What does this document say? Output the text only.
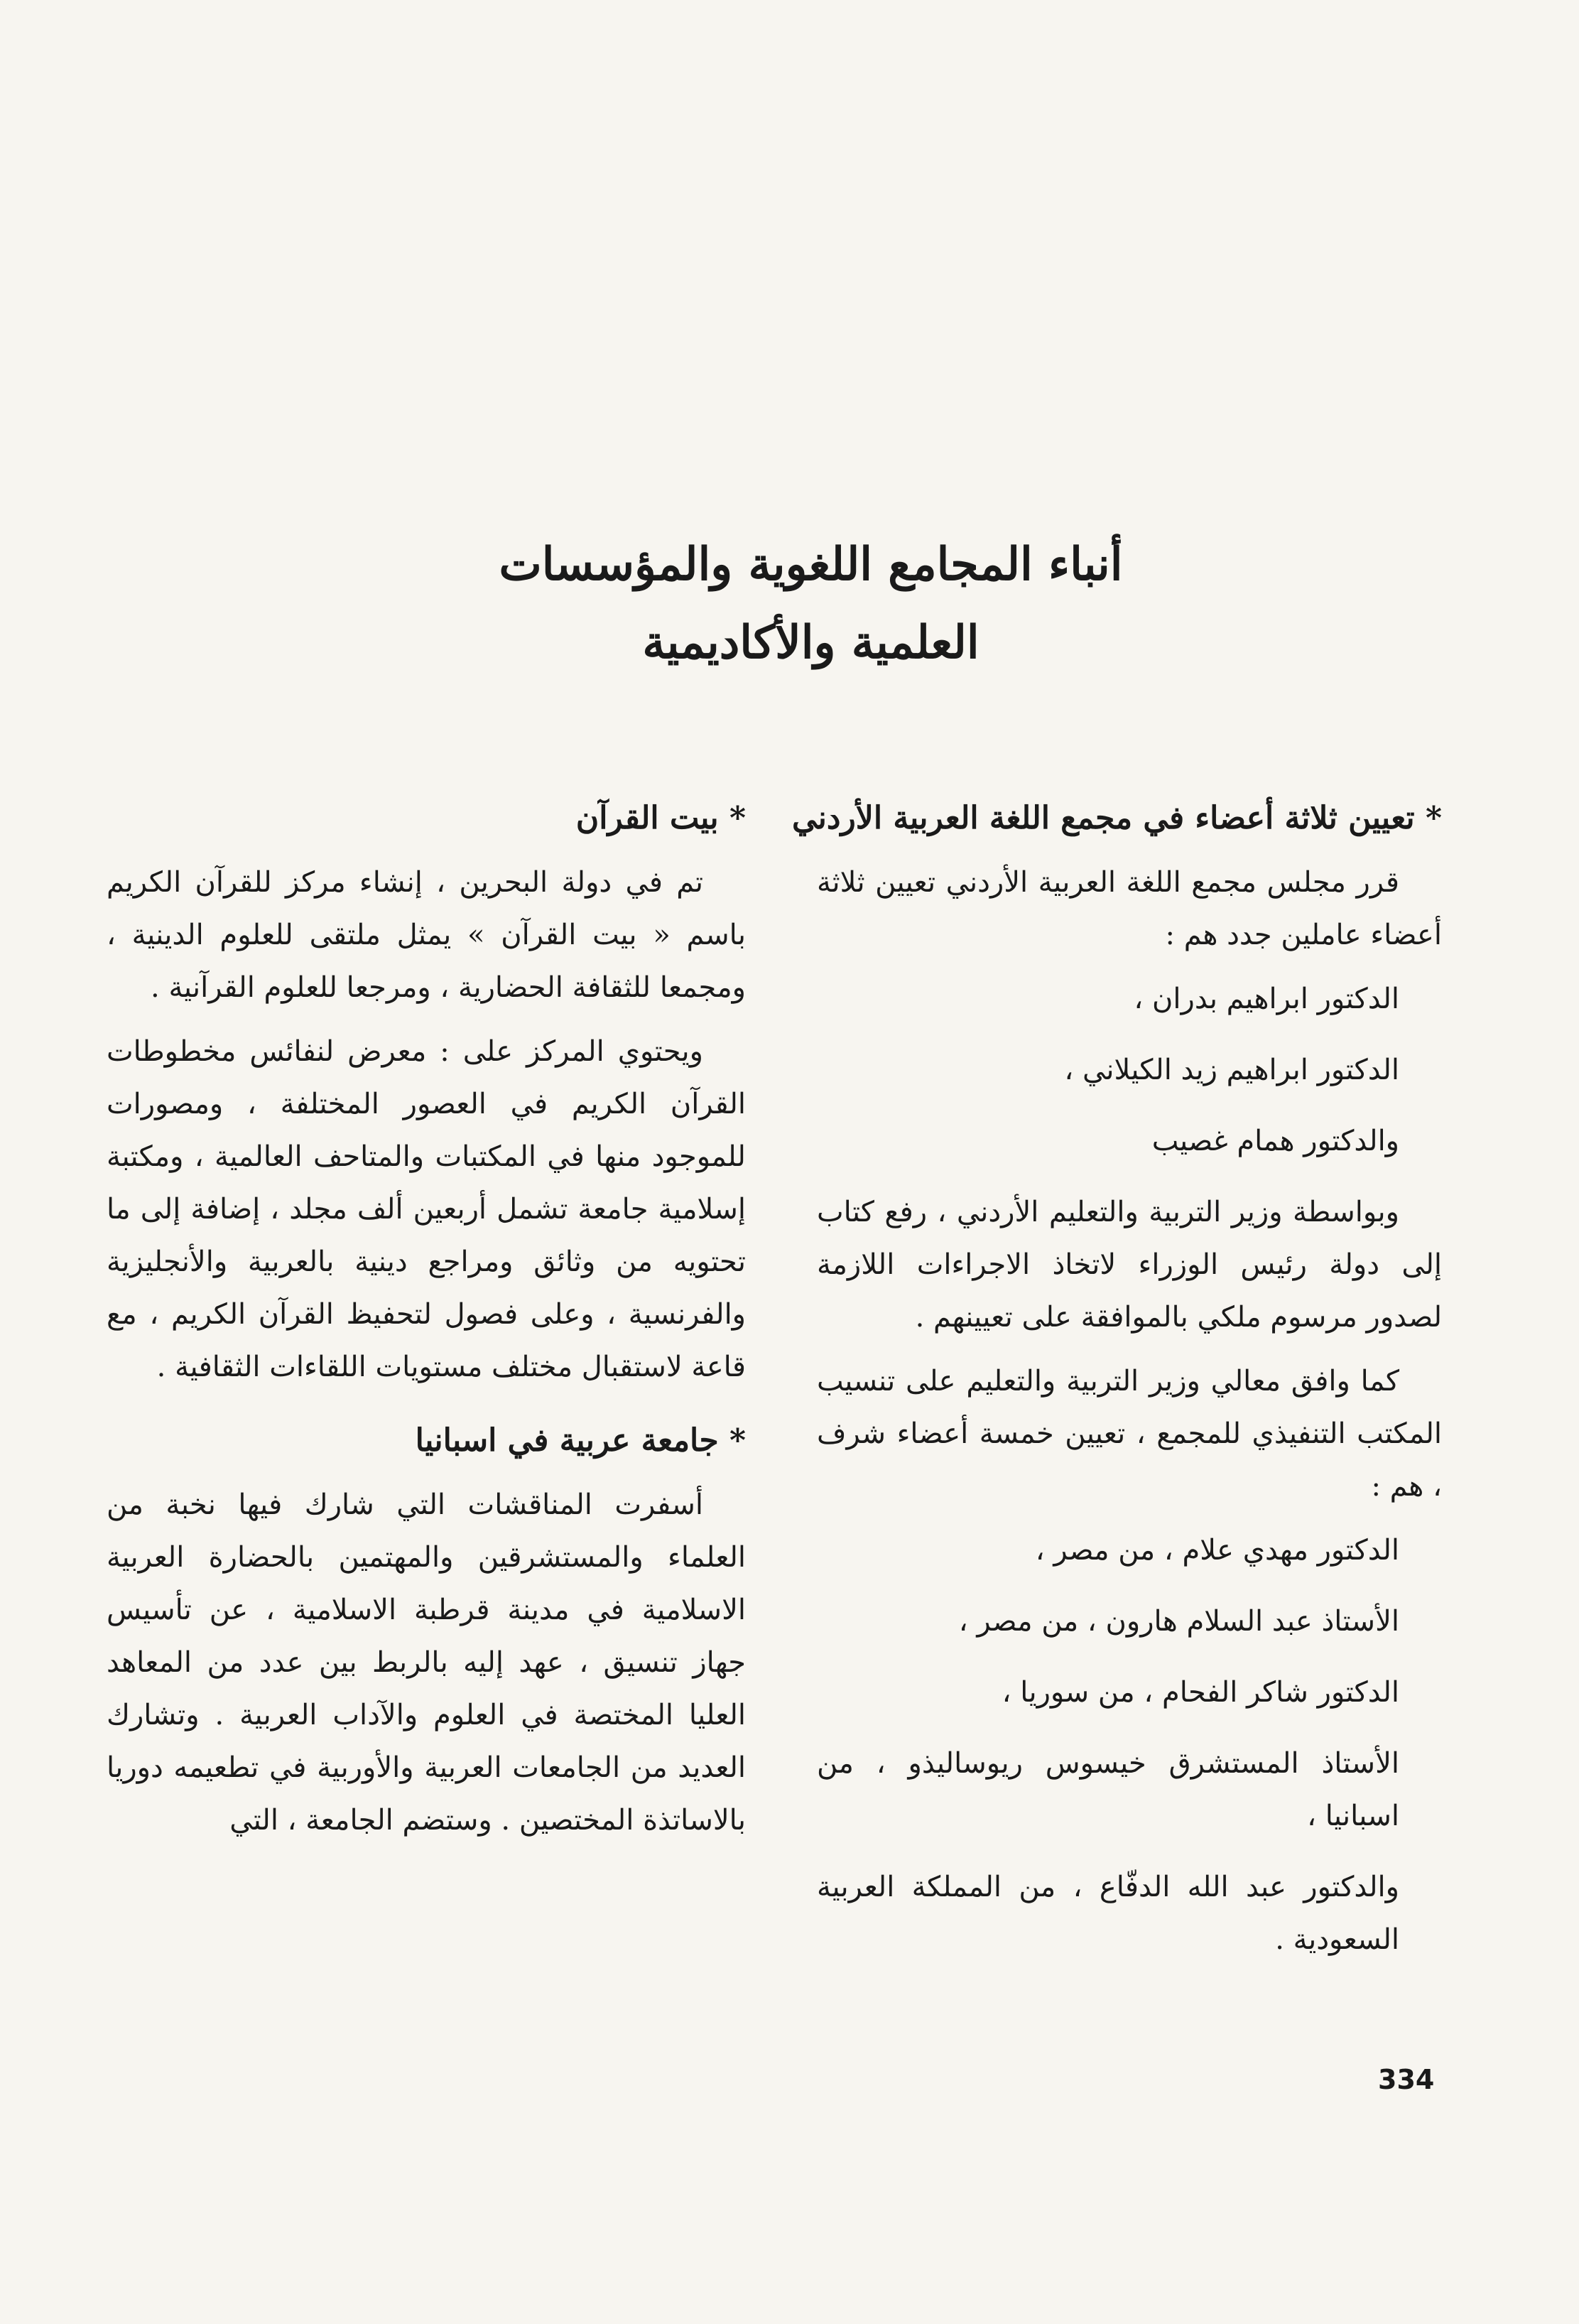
أنباء المجامع اللغوية والمؤسسات
العلمية والأكاديمية
* تعيين ثلاثة أعضاء في مجمع اللغة العربية الأردني

قرر مجلس مجمع اللغة العربية الأردني تعيين ثلاثة أعضاء عاملين جدد هم :

الدكتور ابراهيم بدران ،

الدكتور ابراهيم زيد الكيلاني ،

والدكتور همام غصيب

وبواسطة وزير التربية والتعليم الأردني ، رفع كتاب إلى دولة رئيس الوزراء لاتخاذ الاجراءات اللازمة لصدور مرسوم ملكي بالموافقة على تعيينهم .

كما وافق معالي وزير التربية والتعليم على تنسيب المكتب التنفيذي للمجمع ، تعيين خمسة أعضاء شرف ، هم :

الدكتور مهدي علام ، من مصر ،

الأستاذ عبد السلام هارون ، من مصر ،

الدكتور شاكر الفحام ، من سوريا ،

الأستاذ المستشرق خيسوس ريوساليذو ، من اسبانيا ،

والدكتور عبد الله الدفّاع ، من المملكة العربية السعودية .

* بيت القرآن

تم في دولة البحرين ، إنشاء مركز للقرآن الكريم باسم « بيت القرآن » يمثل ملتقى للعلوم الدينية ، ومجمعا للثقافة الحضارية ، ومرجعا للعلوم القرآنية .

ويحتوي المركز على : معرض لنفائس مخطوطات القرآن الكريم في العصور المختلفة ، ومصورات للموجود منها في المكتبات والمتاحف العالمية ، ومكتبة إسلامية جامعة تشمل أربعين ألف مجلد ، إضافة إلى ما تحتويه من وثائق ومراجع دينية بالعربية والأنجليزية والفرنسية ، وعلى فصول لتحفيظ القرآن الكريم ، مع قاعة لاستقبال مختلف مستويات اللقاءات الثقافية .

* جامعة عربية في اسبانيا

أسفرت المناقشات التي شارك فيها نخبة من العلماء والمستشرقين والمهتمين بالحضارة العربية الاسلامية في مدينة قرطبة الاسلامية ، عن تأسيس جهاز تنسيق ، عهد إليه بالربط بين عدد من المعاهد العليا المختصة في العلوم والآداب العربية . وتشارك العديد من الجامعات العربية والأوربية في تطعيمه دوريا بالاساتذة المختصين . وستضم الجامعة ، التي

334
